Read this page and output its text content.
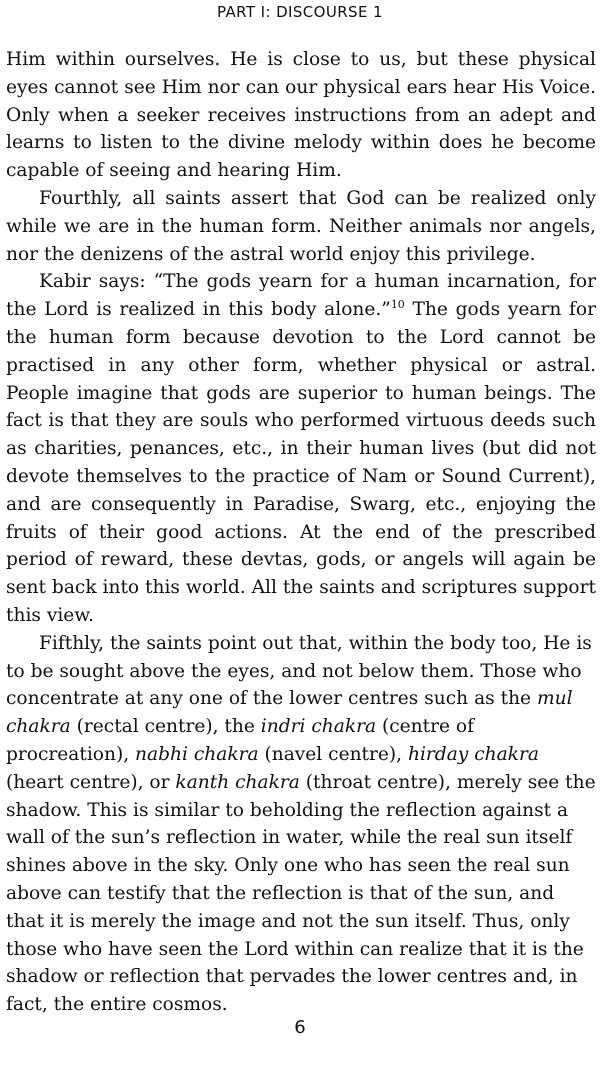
PART I: DISCOURSE 1

Him within ourselves. He is close to us, but these physical eyes cannot see Him nor can our physical ears hear His Voice. Only when a seeker receives instructions from an adept and learns to listen to the divine melody within does he become capable of seeing and hearing Him.

Fourthly, all saints assert that God can be realized only while we are in the human form. Neither animals nor angels, nor the denizens of the astral world enjoy this privilege.

Kabir says: “The gods yearn for a human incarnation, for the Lord is realized in this body alone.”$^{10}$ The gods yearn for the human form because devotion to the Lord cannot be practised in any other form, whether physical or astral. People imagine that gods are superior to human beings. The fact is that they are souls who performed virtuous deeds such as charities, penances, etc., in their human lives (but did not devote themselves to the practice of Nam or Sound Current), and are consequently in Paradise, Swarg, etc., enjoying the fruits of their good actions. At the end of the prescribed period of reward, these devtas, gods, or angels will again be sent back into this world. All the saints and scriptures support this view.

Fifthly, the saints point out that, within the body too, He is to be sought above the eyes, and not below them. Those who concentrate at any one of the lower centres such as the mul chakra (rectal centre), the indri chakra (centre of procreation), nabhi chakra (navel centre), hirday chakra (heart centre), or kanth chakra (throat centre), merely see the shadow. This is similar to beholding the reflection against a wall of the sun’s reflection in water, while the real sun itself shines above in the sky. Only one who has seen the real sun above can testify that the reflection is that of the sun, and that it is merely the image and not the sun itself. Thus, only those who have seen the Lord within can realize that it is the shadow or reflection that pervades the lower centres and, in fact, the entire cosmos.

6
